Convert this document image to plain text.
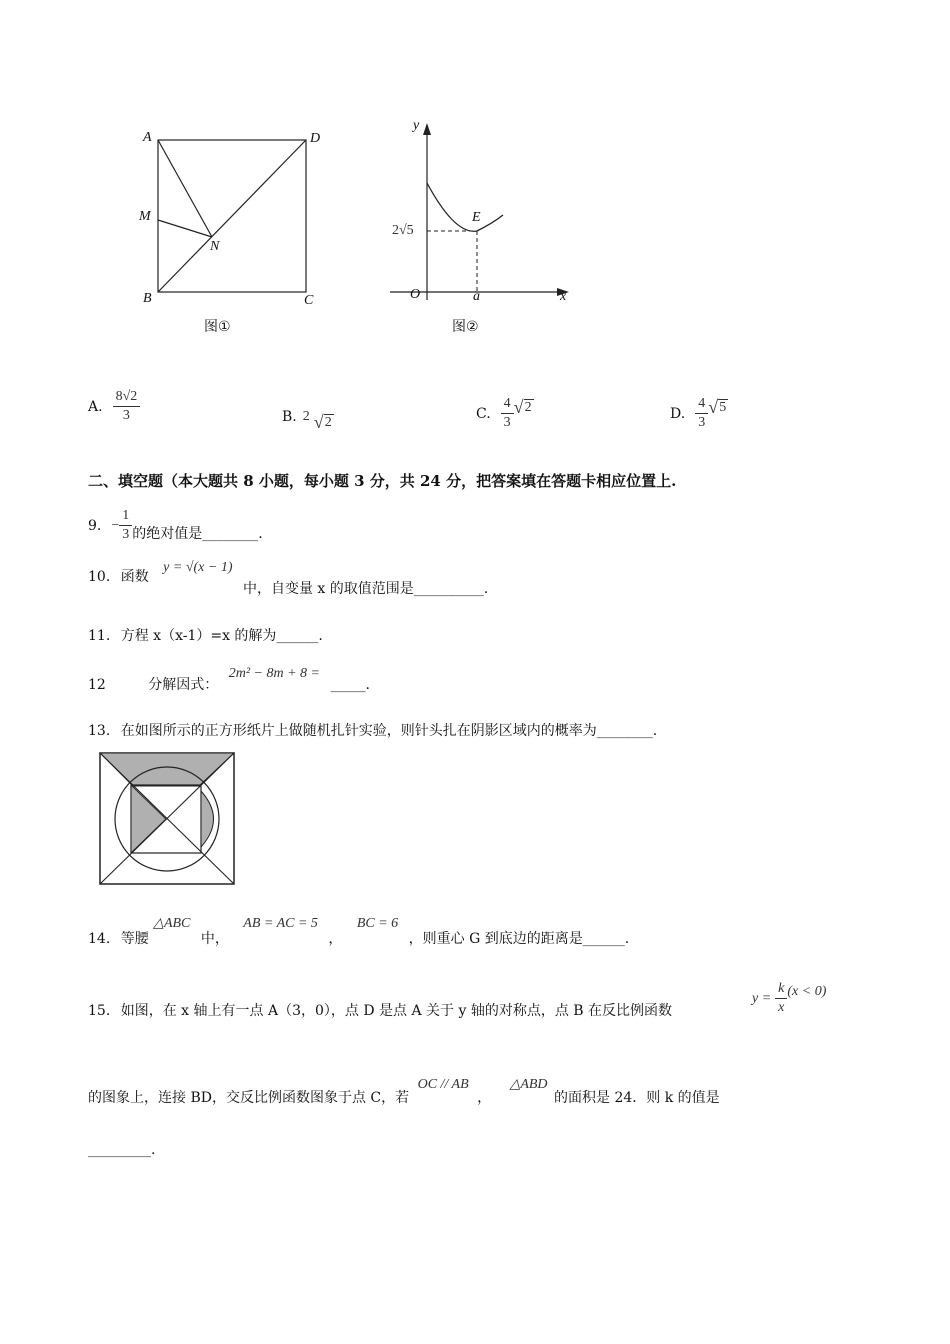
A	D
M
N
B	C
图①
y
E
2√5
O	a	x
图②
A. $\frac{8√2}{3}$	B. 2 √ 2
C. $\frac{4}{3}$ √ 2	D. $\frac{4}{3}$ √ 5
二、填空题（本大题共 8 小题，每小题 3 分，共 24 分，把答案填在答题卡相应位置上.
9. − $\frac{1}{3}$ 的绝对值是________.
10. 函数 y = √(x − 1) 中，自变量 x 的取值范围是__________.
11. 方程 x（x-1）=x 的解为______.
12	分解因式： 2m² − 8m + 8 = _____.
13. 在如图所示的正方形纸片上做随机扎针实验，则针头扎在阴影区域内的概率为________.
14. 等腰 △ABC 中， AB = AC = 5 ， BC = 6 ，则重心 G 到底边的距离是______.
15. 如图，在 x 轴上有一点 A（3，0），点 D 是点 A 关于 y 轴的对称点，点 B 在反比例函数
$y = \frac{k}{x} (x < 0)$
的图象上，连接 BD，交反比例函数图象于点 C，若 OC // AB ， △ABD 的面积是 24．则 k 的值是
_________.
